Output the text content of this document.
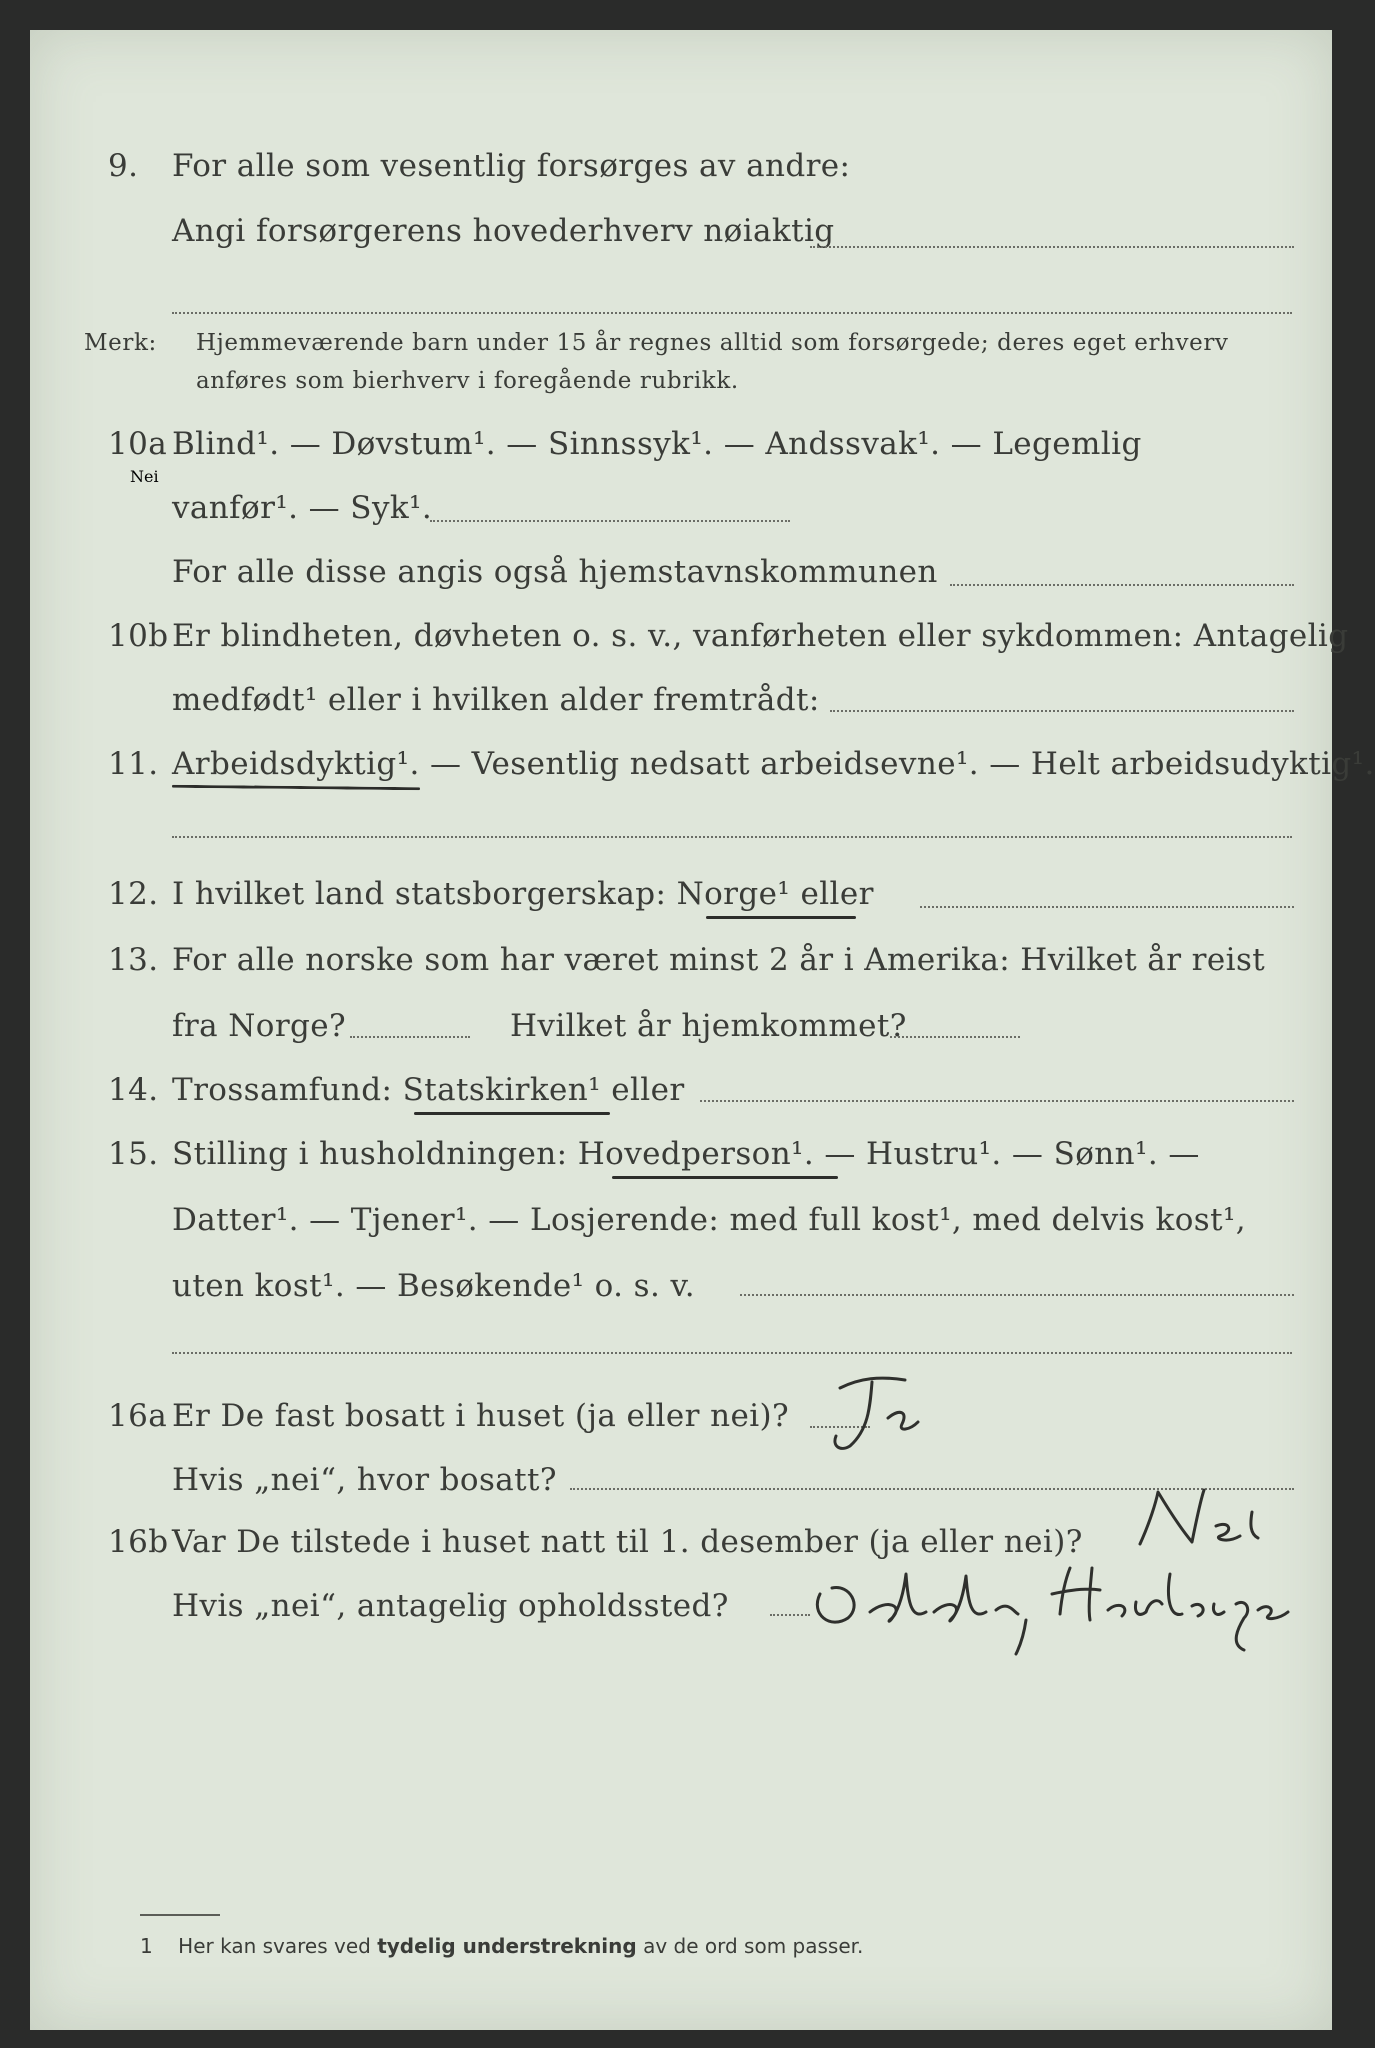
9. For alle som vesentlig forsørges av andre:
Angi forsørgerens hovederhverv nøiaktig
Merk: Hjemmeværende barn under 15 år regnes alltid som forsørgede; deres eget erhverv
anføres som bierhverv i foregående rubrikk.
10a Blind¹. — Døvstum¹. — Sinnssyk¹. — Andssvak¹. — Legemlig
vanfør¹. — Syk¹.
For alle disse angis også hjemstavnskommunen
10b Er blindheten, døvheten o. s. v., vanførheten eller sykdommen: Antagelig
medfødt¹ eller i hvilken alder fremtrådt:
11. Arbeidsdyktig¹. — Vesentlig nedsatt arbeidsevne¹. — Helt arbeidsudyktig¹.
12. I hvilket land statsborgerskap: Norge¹ eller
13. For alle norske som har været minst 2 år i Amerika: Hvilket år reist
fra Norge?	Hvilket år hjemkommet?
14. Trossamfund: Statskirken¹ eller
15. Stilling i husholdningen: Hovedperson¹. — Hustru¹. — Sønn¹. —
Datter¹. — Tjener¹. — Losjerende: med full kost¹, med delvis kost¹,
uten kost¹. — Besøkende¹ o. s. v.
16a Er De fast bosatt i huset (ja eller nei)?
Hvis „nei“, hvor bosatt?
16b Var De tilstede i huset natt til 1. desember (ja eller nei)?
Nei
Hvis „nei“, antagelig opholdssted?
1 Her kan svares ved tydelig understrekning av de ord som passer.
